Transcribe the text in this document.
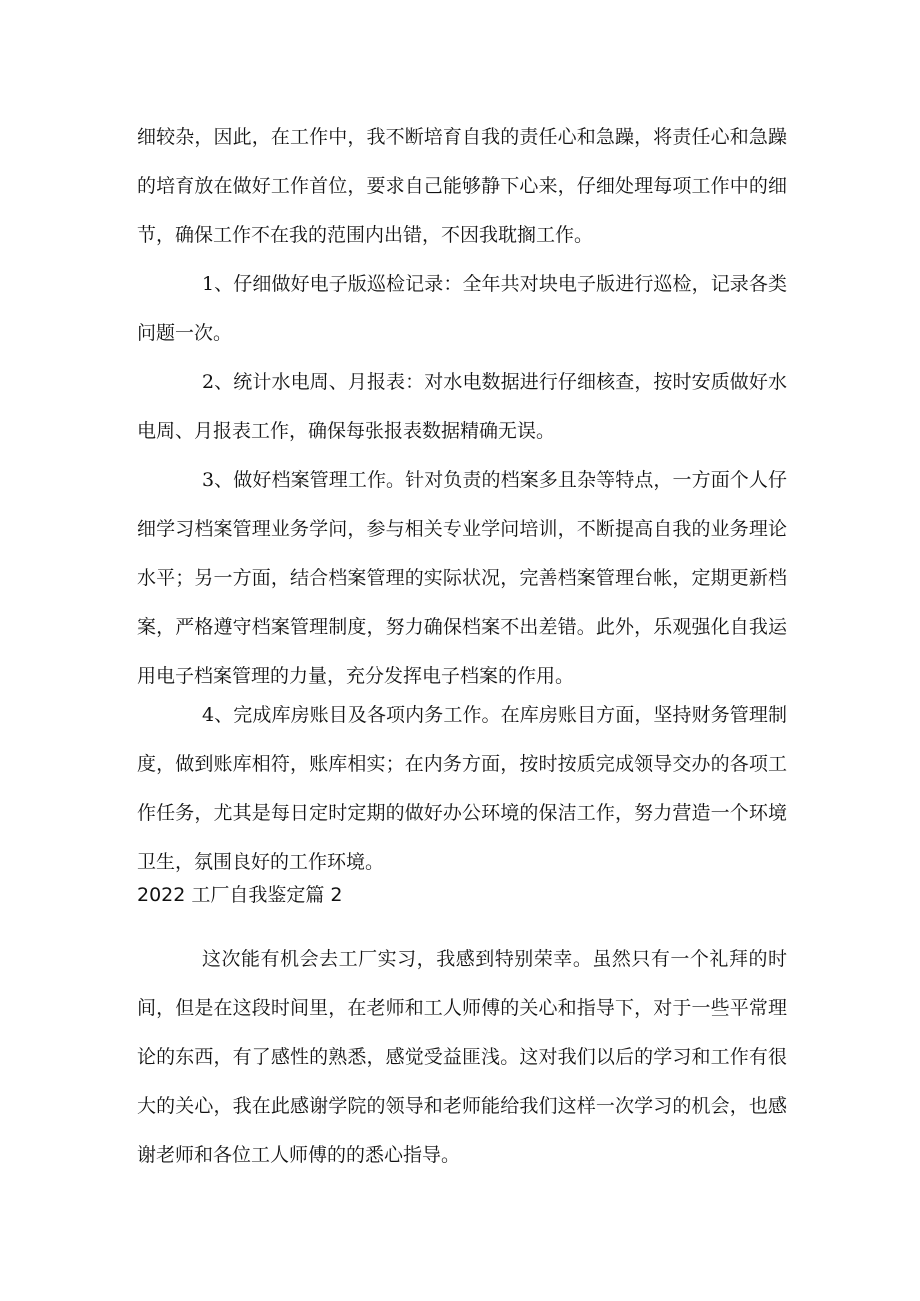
细较杂，因此，在工作中，我不断培育自我的责任心和急躁，将责任心和急躁的培育放在做好工作首位，要求自己能够静下心来，仔细处理每项工作中的细节，确保工作不在我的范围内出错，不因我耽搁工作。

1、仔细做好电子版巡检记录：全年共对块电子版进行巡检，记录各类问题一次。

2、统计水电周、月报表：对水电数据进行仔细核查，按时安质做好水电周、月报表工作，确保每张报表数据精确无误。

3、做好档案管理工作。针对负责的档案多且杂等特点，一方面个人仔细学习档案管理业务学问，参与相关专业学问培训，不断提高自我的业务理论水平；另一方面，结合档案管理的实际状况，完善档案管理台帐，定期更新档案，严格遵守档案管理制度，努力确保档案不出差错。此外，乐观强化自我运用电子档案管理的力量，充分发挥电子档案的作用。

4、完成库房账目及各项内务工作。在库房账目方面，坚持财务管理制度，做到账库相符，账库相实；在内务方面，按时按质完成领导交办的各项工作任务，尤其是每日定时定期的做好办公环境的保洁工作，努力营造一个环境卫生，氛围良好的工作环境。

2022 工厂自我鉴定篇 2

这次能有机会去工厂实习，我感到特别荣幸。虽然只有一个礼拜的时间，但是在这段时间里，在老师和工人师傅的关心和指导下，对于一些平常理论的东西，有了感性的熟悉，感觉受益匪浅。这对我们以后的学习和工作有很大的关心，我在此感谢学院的领导和老师能给我们这样一次学习的机会，也感谢老师和各位工人师傅的的悉心指导。
